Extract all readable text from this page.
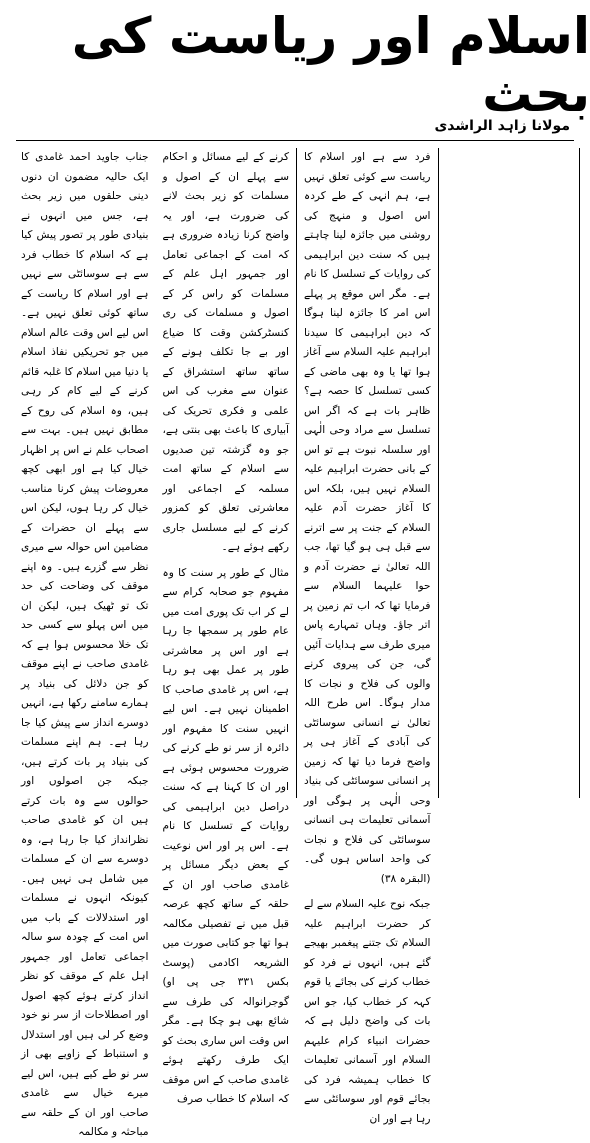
اسلام اور ریاست کی بحث
مولانا زاہد الراشدی

جناب جاوید احمد غامدی کا ایک حالیہ مضمون ان دنوں دینی حلقوں میں زیر بحث ہے، جس میں انہوں نے بنیادی طور پر تصور پیش کیا ہے کہ اسلام کا خطاب فرد سے ہے سوسائٹی سے نہیں ہے اور اسلام کا ریاست کے ساتھ کوئی تعلق نہیں ہے۔ اس لیے اس وقت عالم اسلام میں جو تحریکیں نفاذ اسلام یا دنیا میں اسلام کا غلبہ قائم کرنے کے لیے کام کر رہی ہیں، وہ اسلام کی روح کے مطابق نہیں ہیں۔ بہت سے اصحاب علم نے اس پر اظہار خیال کیا ہے اور ابھی کچھ معروضات پیش کرنا مناسب خیال کر رہا ہوں، لیکن اس سے پہلے ان حضرات کے مضامین اس حوالہ سے میری نظر سے گزرے ہیں۔ وہ اپنے موقف کی وضاحت کی حد تک تو ٹھیک ہیں، لیکن ان میں اس پہلو سے کسی حد تک خلا محسوس ہوا ہے کہ غامدی صاحب نے اپنے موقف کو جن دلائل کی بنیاد پر ہمارے سامنے رکھا ہے، انہیں دوسرے انداز سے پیش کیا جا رہا ہے۔ ہم اپنے مسلمات کی بنیاد پر بات کرتے ہیں، جبکہ جن اصولوں اور حوالوں سے وہ بات کرتے ہیں ان کو غامدی صاحب نظرانداز کیا جا رہا ہے، وہ دوسرے سے ان کے مسلمات میں شامل ہی نہیں ہیں۔ کیونکہ انہوں نے مسلمات اور استدلالات کے باب میں اس امت کے چودہ سو سالہ اجماعی تعامل اور جمہور اہل علم کے موقف کو نظر انداز کرتے ہوئے کچھ اصول اور اصطلاحات از سر نو خود وضع کر لی ہیں اور استدلال و استنباط کے زاویے بھی از سر نو طے کیے ہیں، اس لیے میرے خیال سے غامدی صاحب اور ان کے حلقہ سے مباحثہ و مکالمہ

کرنے کے لیے مسائل و احکام سے پہلے ان کے اصول و مسلمات کو زیر بحث لانے کی ضرورت ہے، اور یہ واضح کرنا زیادہ ضروری ہے کہ امت کے اجماعی تعامل اور جمہور اہل علم کے مسلمات کو راس کر کے اصول و مسلمات کی ری کنسٹرکشن وقت کا ضیاع اور بے جا تکلف ہونے کے ساتھ ساتھ استشراق کے عنوان سے مغرب کی اس علمی و فکری تحریک کی آبیاری کا باعث بھی بنتی ہے، جو وہ گزشتہ تین صدیوں سے اسلام کے ساتھ امت مسلمہ کے اجماعی اور معاشرتی تعلق کو کمزور کرنے کے لیے مسلسل جاری رکھے ہوئے ہے۔

مثال کے طور پر سنت کا وہ مفہوم جو صحابہ کرام سے لے کر اب تک پوری امت میں عام طور پر سمجھا جا رہا ہے اور اس پر معاشرتی طور پر عمل بھی ہو رہا ہے، اس پر غامدی صاحب کا اطمینان نہیں ہے۔ اس لیے انہیں سنت کا مفہوم اور دائرہ از سر نو طے کرنے کی ضرورت محسوس ہوئی ہے اور ان کا کہنا ہے کہ سنت دراصل دین ابراہیمی کی روایات کے تسلسل کا نام ہے۔ اس پر اور اس نوعیت کے بعض دیگر مسائل پر غامدی صاحب اور ان کے حلقہ کے ساتھ کچھ عرصہ قبل میں نے تفصیلی مکالمہ ہوا تھا جو کتابی صورت میں الشریعہ اکادمی (پوسٹ بکس ۳۳۱ جی پی او) گوجرانوالہ کی طرف سے شائع بھی ہو چکا ہے۔ مگر اس وقت اس ساری بحث کو ایک طرف رکھتے ہوئے غامدی صاحب کے اس موقف کہ اسلام کا خطاب صرف

فرد سے ہے اور اسلام کا ریاست سے کوئی تعلق نہیں ہے، ہم انہی کے طے کردہ اس اصول و منہج کی روشنی میں جائزہ لینا چاہتے ہیں کہ سنت دین ابراہیمی کی روایات کے تسلسل کا نام ہے۔ مگر اس موقع پر پہلے اس امر کا جائزہ لینا ہوگا کہ دین ابراہیمی کا سیدنا ابراہیم علیہ السلام سے آغاز ہوا تھا یا وہ بھی ماضی کے کسی تسلسل کا حصہ ہے؟ ظاہر بات ہے کہ اگر اس تسلسل سے مراد وحی الٰہی اور سلسلہ نبوت ہے تو اس کے بانی حضرت ابراہیم علیہ السلام نہیں ہیں، بلکہ اس کا آغاز حضرت آدم علیہ السلام کے جنت پر سے اترنے سے قبل ہی ہو گیا تھا، جب اللہ تعالیٰ نے حضرت آدم و حوا علیہما السلام سے فرمایا تھا کہ اب تم زمین پر اتر جاؤ۔ وہاں تمہارے پاس میری طرف سے ہدایات آئیں گی، جن کی پیروی کرنے والوں کی فلاح و نجات کا مدار ہوگا۔ اس طرح اللہ تعالیٰ نے انسانی سوسائٹی کی آبادی کے آغاز ہی پر واضح فرما دیا تھا کہ زمین پر انسانی سوسائٹی کی بنیاد وحی الٰہی پر ہوگی اور آسمانی تعلیمات ہی انسانی سوسائٹی کی فلاح و نجات کی واحد اساس ہوں گی۔ (البقرہ ۳۸)

جبکہ نوح علیہ السلام سے لے کر حضرت ابراہیم علیہ السلام تک جتنے پیغمبر بھیجے گئے ہیں، انہوں نے فرد کو خطاب کرنے کی بجائے یا قوم کہہ کر خطاب کیا، جو اس بات کی واضح دلیل ہے کہ حضرات انبیاء کرام علیہم السلام اور آسمانی تعلیمات کا خطاب ہمیشہ فرد کی بجائے قوم اور سوسائٹی سے رہا ہے اور ان
